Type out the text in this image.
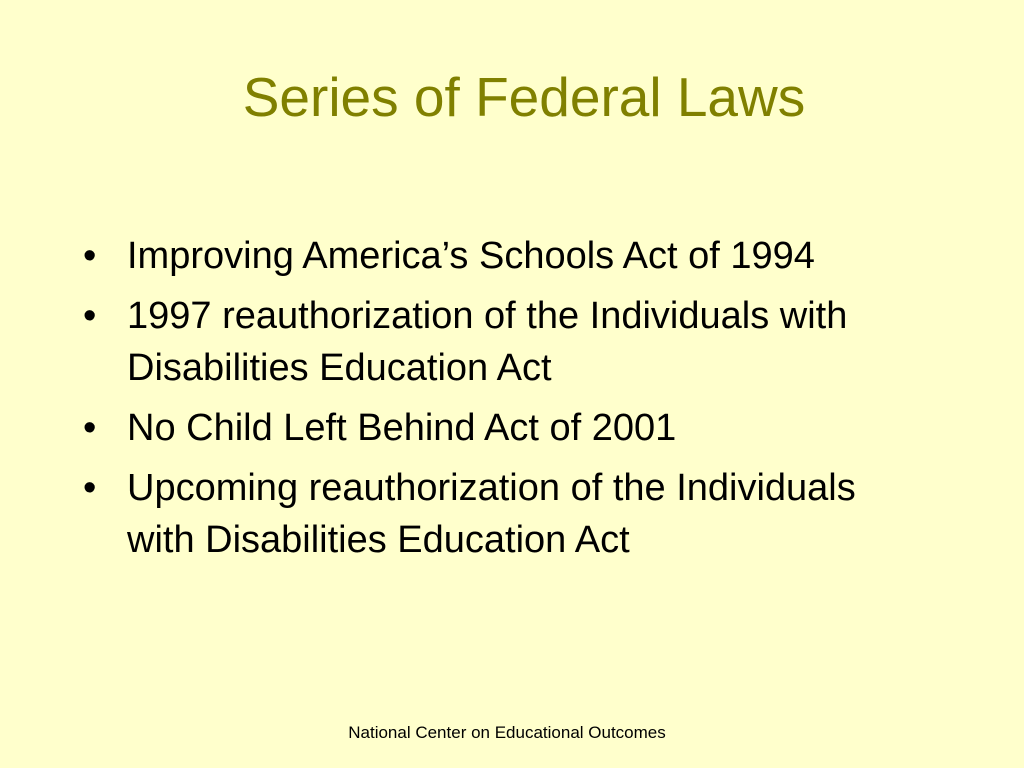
Series of Federal Laws
• Improving America’s Schools Act of 1994
• 1997 reauthorization of the Individuals with Disabilities Education Act
• No Child Left Behind Act of 2001
• Upcoming reauthorization of the Individuals with Disabilities Education Act
National Center on Educational Outcomes
